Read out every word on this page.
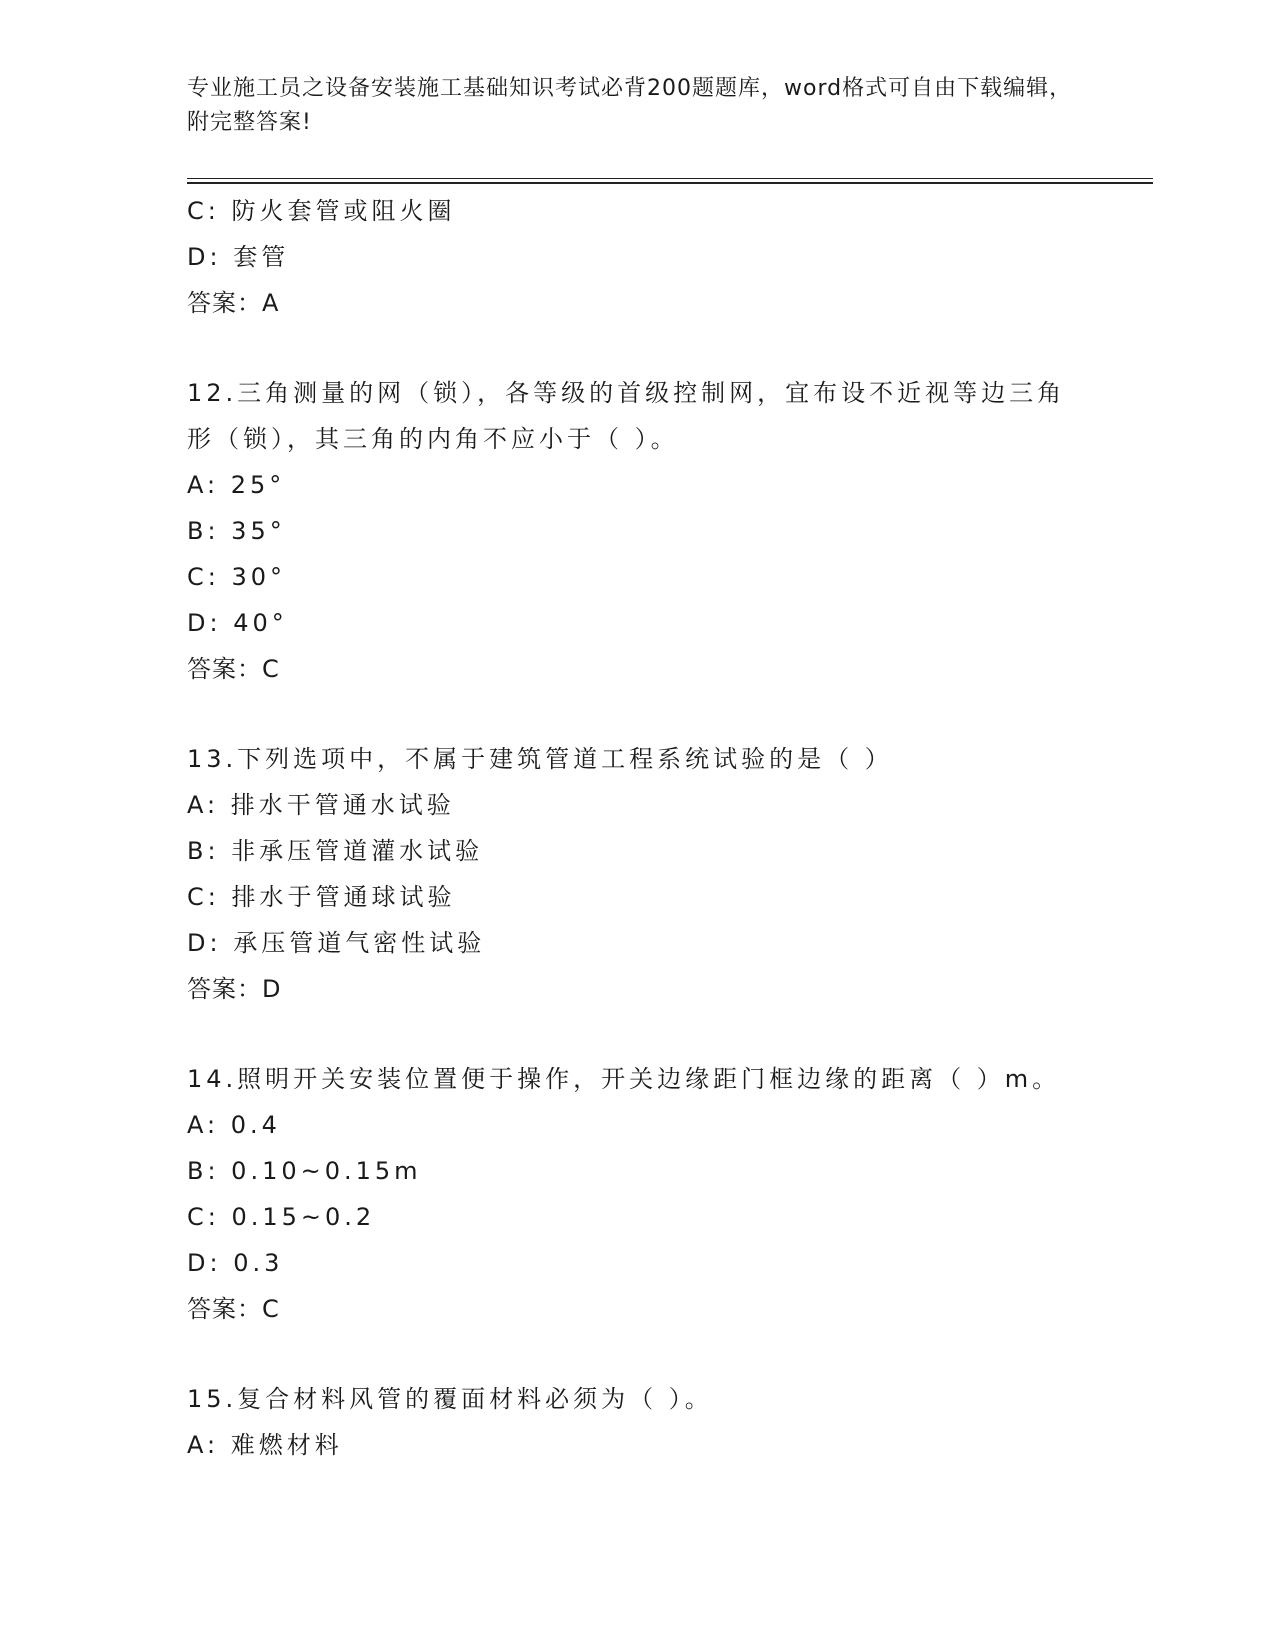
专业施工员之设备安装施工基础知识考试必背200题题库，word格式可自由下载编辑，附完整答案!
C: 防火套管或阻火圈
D: 套管
答案：A
12.三角测量的网（锁），各等级的首级控制网，宜布设不近视等边三角形（锁），其三角的内角不应小于（ ）。
A: 25°
B: 35°
C: 30°
D: 40°
答案：C
13.下列选项中，不属于建筑管道工程系统试验的是（ ）
A: 排水干管通水试验
B: 非承压管道灌水试验
C: 排水于管通球试验
D: 承压管道气密性试验
答案：D
14.照明开关安装位置便于操作，开关边缘距门框边缘的距离（ ）m。
A: 0.4
B: 0.10~0.15m
C: 0.15~0.2
D: 0.3
答案：C
15.复合材料风管的覆面材料必须为（ ）。
A: 难燃材料
